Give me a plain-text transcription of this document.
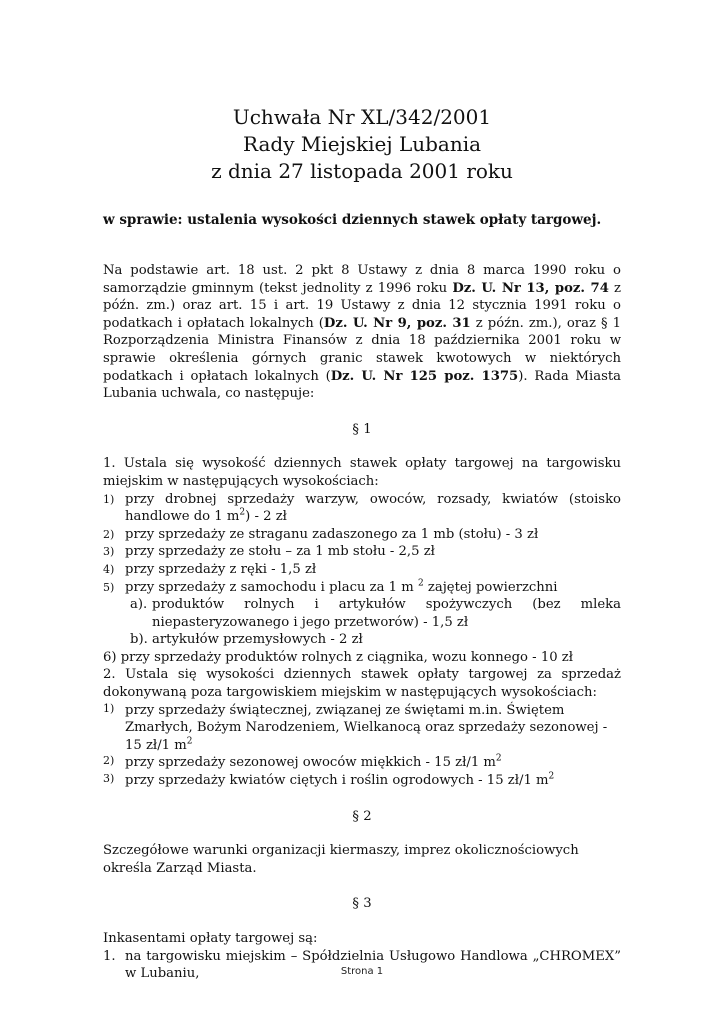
Uchwała Nr XL/342/2001
Rady Miejskiej Lubania
z dnia 27 listopada 2001 roku
w sprawie: ustalenia wysokości dziennych stawek opłaty targowej.

Na podstawie art. 18 ust. 2 pkt 8 Ustawy z dnia 8 marca 1990 roku o samorządzie gminnym (tekst jednolity z 1996 roku Dz. U. Nr 13, poz. 74 z późn. zm.) oraz art. 15 i art. 19 Ustawy z dnia 12 stycznia 1991 roku o podatkach i opłatach lokalnych (Dz. U. Nr 9, poz. 31 z późn. zm.), oraz § 1 Rozporządzenia Ministra Finansów z dnia 18 października 2001 roku w sprawie określenia górnych granic stawek kwotowych w niektórych podatkach i opłatach lokalnych (Dz. U. Nr 125 poz. 1375). Rada Miasta Lubania uchwala, co następuje:

§ 1

1. Ustala się wysokość dziennych stawek opłaty targowej na targowisku miejskim w następujących wysokościach:

1) przy drobnej sprzedaży warzyw, owoców, rozsady, kwiatów (stoisko handlowe do 1 $m^2) - 2$ zł
2) przy sprzedaży ze straganu zadaszonego za 1 mb (stołu) - 3 zł
3) przy sprzedaży ze stołu – za 1 mb stołu - 2,5 zł
4) przy sprzedaży z ręki - 1,5 zł
5) przy sprzedaży z samochodu i placu za 1 m $^2$ zajętej powierzchni
a). produktów rolnych i artykułów spożywczych (bez mleka niepasteryzowanego i jego przetworów) - 1,5 zł
b). artykułów przemysłowych - 2 zł
6) przy sprzedaży produktów rolnych z ciągnika, wozu konnego - 10 zł

2. Ustala się wysokości dziennych stawek opłaty targowej za sprzedaż dokonywaną poza targowiskiem miejskim w następujących wysokościach:

1) przy sprzedaży świątecznej, związanej ze świętami m.in. Świętem Zmarłych, Bożym Narodzeniem, Wielkanocą oraz sprzedaży sezonowej - 15 zł/1 $m^2$
2) przy sprzedaży sezonowej owoców miękkich - 15 zł/1 $m^2$
3) przy sprzedaży kwiatów ciętych i roślin ogrodowych - 15 zł/1 $m^2$
§ 2

Szczegółowe warunki organizacji kiermaszy, imprez okolicznościowych określa Zarząd Miasta.

§ 3

Inkasentami opłaty targowej są:

1. na targowisku miejskim – Spółdzielnia Usługowo Handlowa „CHROMEX” w Lubaniu,	Strona 1
